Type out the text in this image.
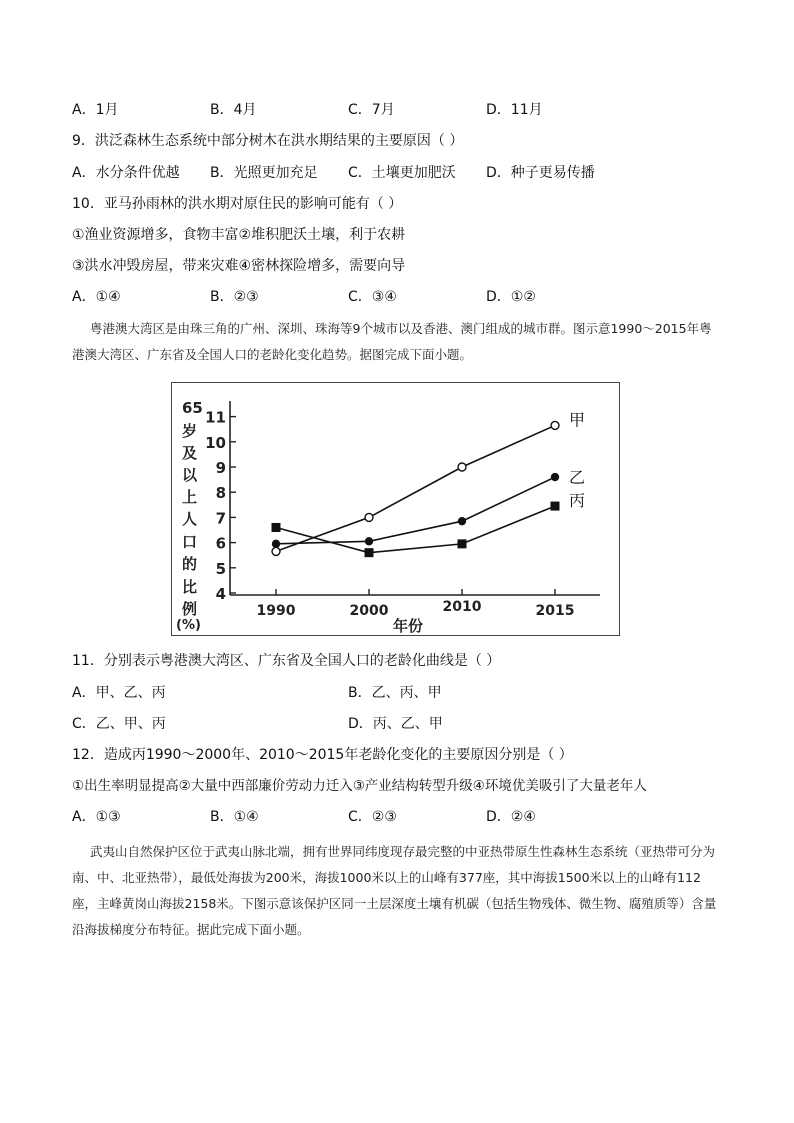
A．1月	B．4月	C．7月	D．11月
9．洪泛森林生态系统中部分树木在洪水期结果的主要原因（ ）
A．水分条件优越 B．光照更加充足 C．土壤更加肥沃 D．种子更易传播
10．亚马孙雨林的洪水期对原住民的影响可能有（ ）
①渔业资源增多，食物丰富②堆积肥沃土壤，利于农耕
③洪水冲毁房屋，带来灾难④密林探险增多，需要向导
A．①④	B．②③	C．③④	D．①②
粤港澳大湾区是由珠三角的广州、深圳、珠海等9个城市以及香港、澳门组成的城市群。图示意1990～2015年粤港澳大湾区、广东省及全国人口的老龄化变化趋势。据图完成下面小题。
65
岁
及
以
上
人
口
的
比
例
(%)
4
5
6
7
8
9
10
11
1990	2000	2010	2015
年份
甲
乙
丙
11．分别表示粤港澳大湾区、广东省及全国人口的老龄化曲线是（ ）
A．甲、乙、丙	B．乙、丙、甲
C．乙、甲、丙	D．丙、乙、甲
12．造成丙1990～2000年、2010～2015年老龄化变化的主要原因分别是（ ）
①出生率明显提高②大量中西部廉价劳动力迁入③产业结构转型升级④环境优美吸引了大量老年人
A．①③	B．①④	C．②③	D．②④
武夷山自然保护区位于武夷山脉北端，拥有世界同纬度现存最完整的中亚热带原生性森林生态系统（亚热带可分为南、中、北亚热带），最低处海拔为200米，海拔1000米以上的山峰有377座，其中海拔1500米以上的山峰有112座，主峰黄岗山海拔2158米。下图示意该保护区同一土层深度土壤有机碳（包括生物残体、微生物、腐殖质等）含量沿海拔梯度分布特征。据此完成下面小题。
